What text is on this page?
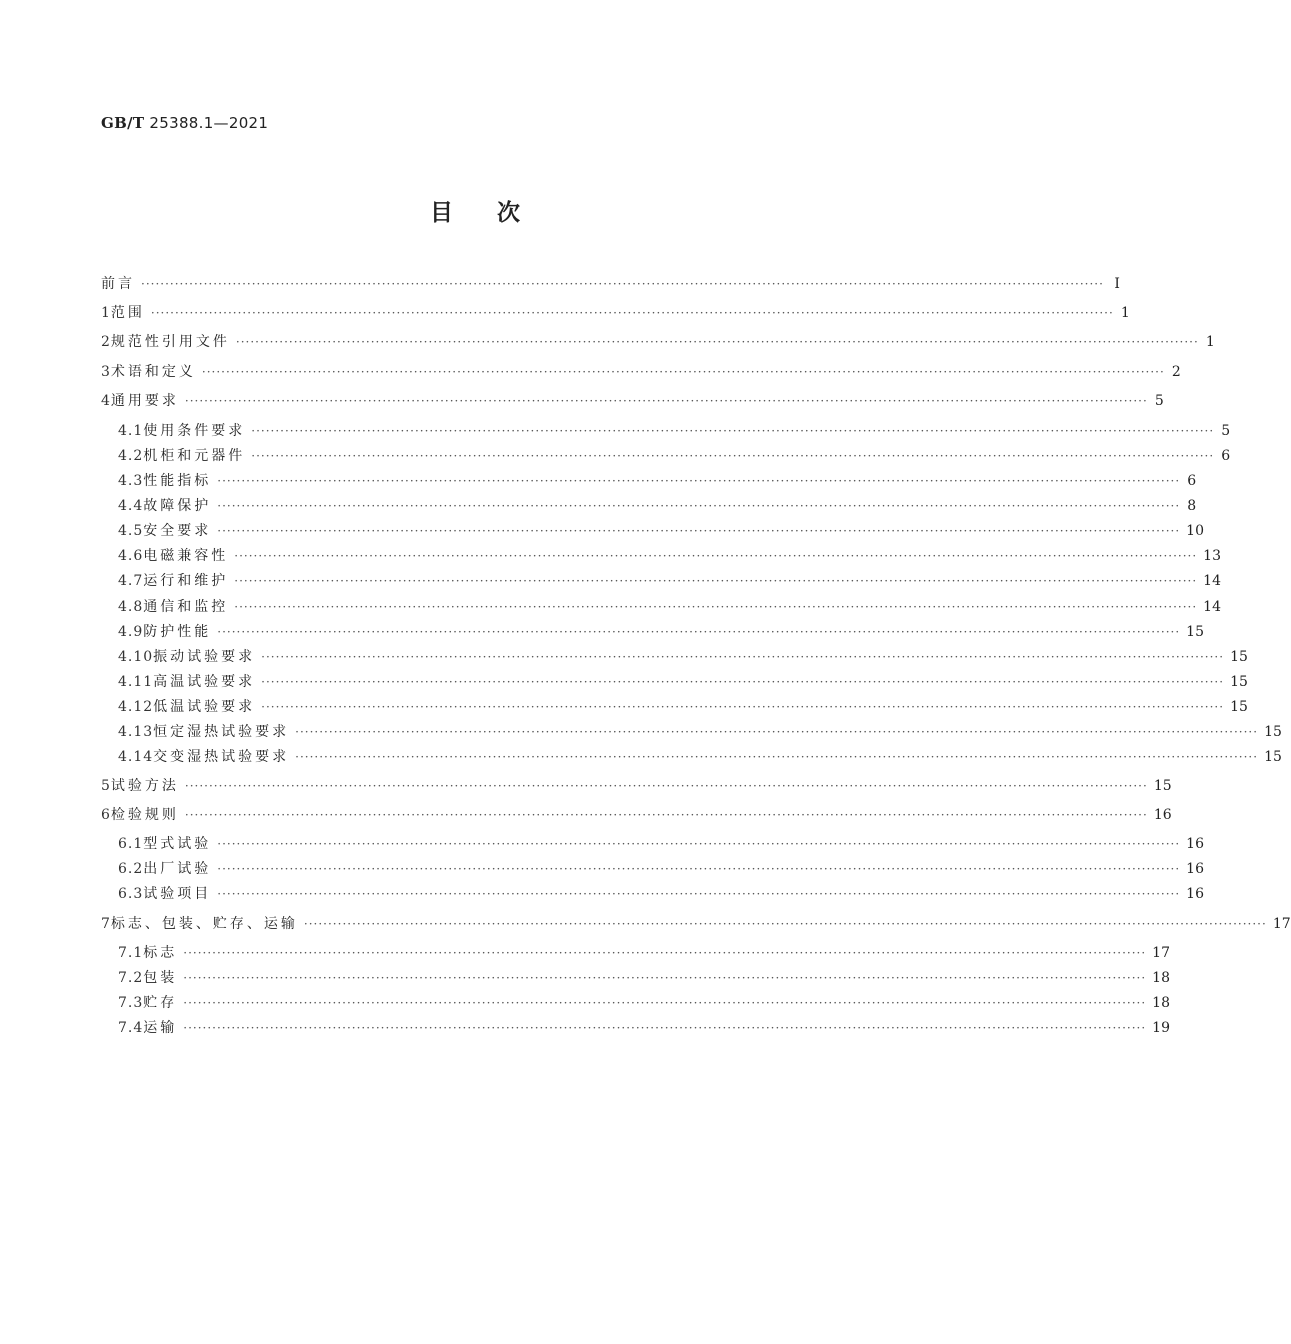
GB/T 25388.1—2021
目 次
前言 ········································································································································································································ Ⅰ
1 范围 ········································································································································································································ 1
2 规范性引用文件 ········································································································································································································ 1
3 术语和定义 ········································································································································································································ 2
4 通用要求 ········································································································································································································ 5
4.1 使用条件要求 ········································································································································································································ 5
4.2 机柜和元器件 ········································································································································································································ 6
4.3 性能指标 ········································································································································································································ 6
4.4 故障保护 ········································································································································································································ 8
4.5 安全要求 ········································································································································································································ 10
4.6 电磁兼容性 ········································································································································································································ 13
4.7 运行和维护 ········································································································································································································ 14
4.8 通信和监控 ········································································································································································································ 14
4.9 防护性能 ········································································································································································································ 15
4.10 振动试验要求 ········································································································································································································ 15
4.11 高温试验要求 ········································································································································································································ 15
4.12 低温试验要求 ········································································································································································································ 15
4.13 恒定湿热试验要求 ········································································································································································································ 15
4.14 交变湿热试验要求 ········································································································································································································ 15
5 试验方法 ········································································································································································································ 15
6 检验规则 ········································································································································································································ 16
6.1 型式试验 ········································································································································································································ 16
6.2 出厂试验 ········································································································································································································ 16
6.3 试验项目 ········································································································································································································ 16
7 标志、包装、贮存、运输 ········································································································································································································ 17
7.1 标志 ········································································································································································································ 17
7.2 包装 ········································································································································································································ 18
7.3 贮存 ········································································································································································································ 18
7.4 运输 ········································································································································································································ 19
